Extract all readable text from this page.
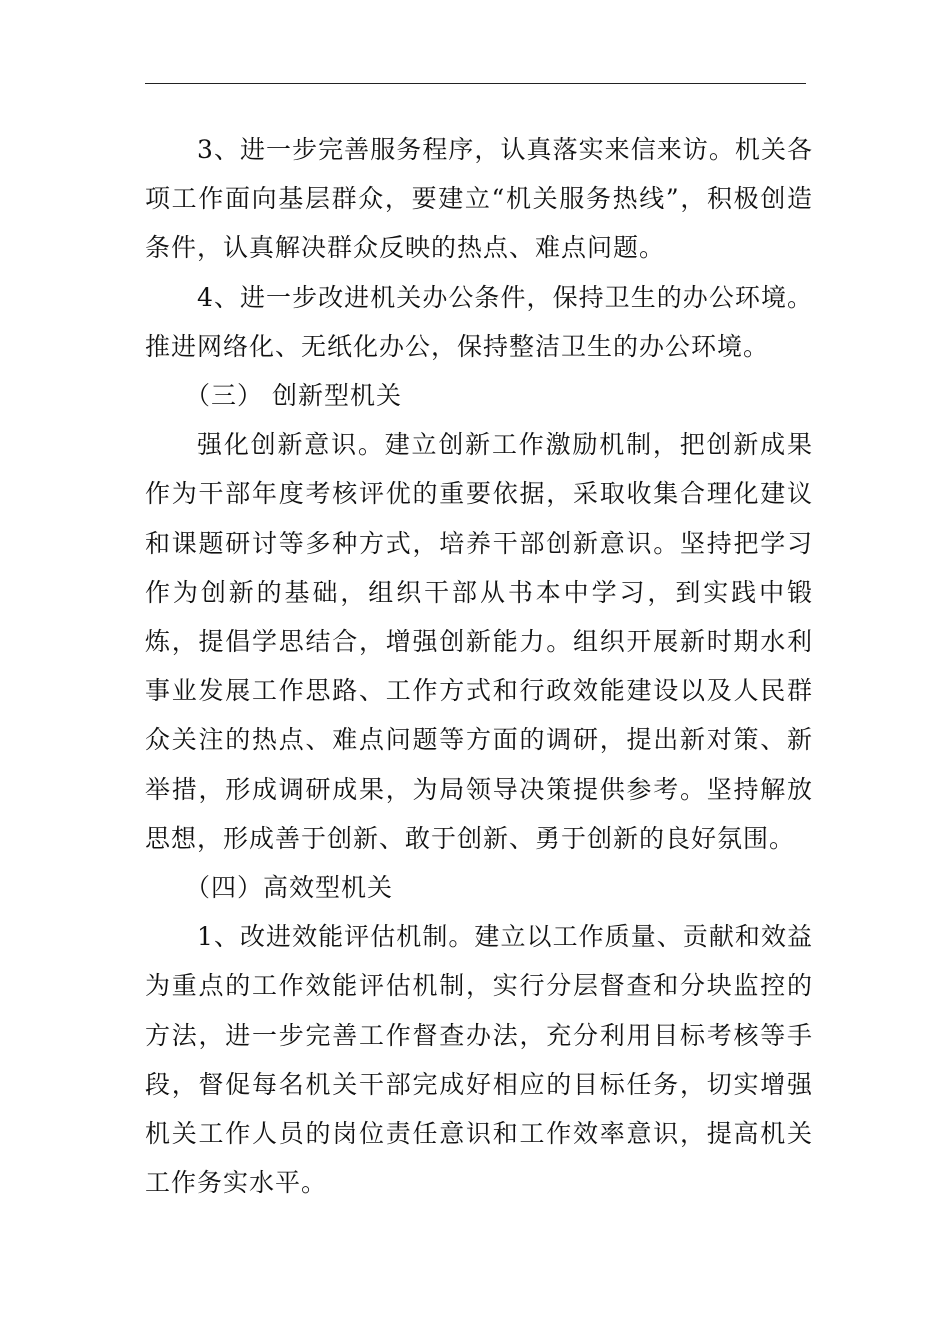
3、进一步完善服务程序，认真落实来信来访。机关各项工作面向基层群众，要建立“机关服务热线”，积极创造条件，认真解决群众反映的热点、难点问题。

4、进一步改进机关办公条件，保持卫生的办公环境。推进网络化、无纸化办公，保持整洁卫生的办公环境。

（三） 创新型机关

强化创新意识。建立创新工作激励机制，把创新成果作为干部年度考核评优的重要依据，采取收集合理化建议和课题研讨等多种方式，培养干部创新意识。坚持把学习作为创新的基础，组织干部从书本中学习，到实践中锻炼，提倡学思结合，增强创新能力。组织开展新时期水利事业发展工作思路、工作方式和行政效能建设以及人民群众关注的热点、难点问题等方面的调研，提出新对策、新举措，形成调研成果，为局领导决策提供参考。坚持解放思想，形成善于创新、敢于创新、勇于创新的良好氛围。

（四）高效型机关

1、改进效能评估机制。建立以工作质量、贡献和效益为重点的工作效能评估机制，实行分层督查和分块监控的方法，进一步完善工作督查办法，充分利用目标考核等手段，督促每名机关干部完成好相应的目标任务，切实增强机关工作人员的岗位责任意识和工作效率意识，提高机关工作务实水平。
